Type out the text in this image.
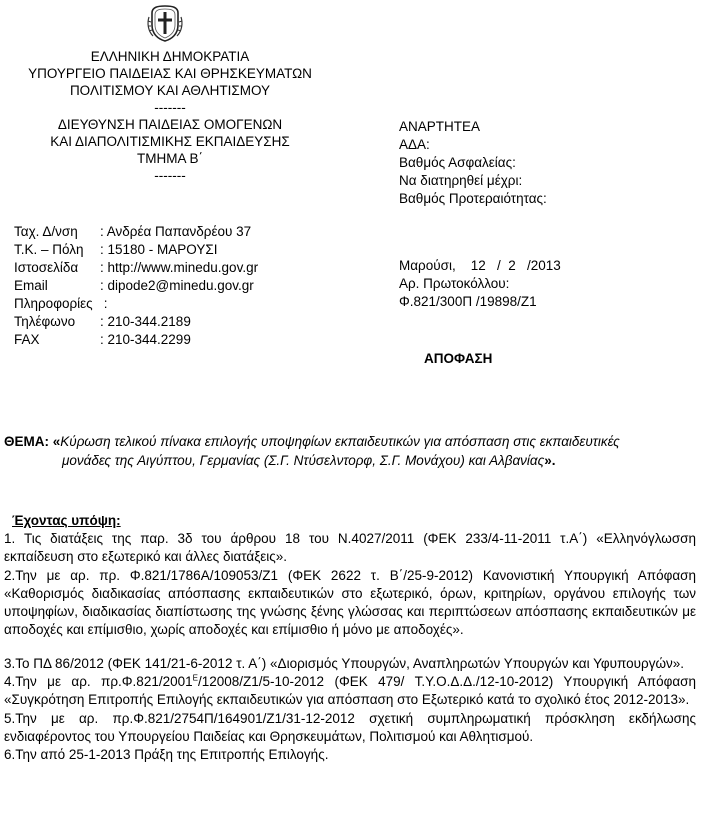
ΕΛΛΗΝΙΚΗ ΔΗΜΟΚΡΑΤΙΑ
ΥΠΟΥΡΓΕΙΟ ΠΑΙΔΕΙΑΣ ΚΑΙ ΘΡΗΣΚΕΥΜΑΤΩΝ
ΠΟΛΙΤΙΣΜΟΥ ΚΑΙ ΑΘΛΗΤΙΣΜΟΥ
-------
ΔΙΕΥΘΥΝΣΗ ΠΑΙΔΕΙΑΣ ΟΜΟΓΕΝΩΝ
ΚΑΙ ΔΙΑΠΟΛΙΤΙΣΜΙΚΗΣ ΕΚΠΑΙΔΕΥΣΗΣ
ΤΜΗΜΑ Β΄
-------
Ταχ. Δ/νση : Ανδρέα Παπανδρέου 37
Τ.Κ. – Πόλη : 15180 - ΜΑΡΟΥΣΙ
Ιστοσελίδα : http://www.minedu.gov.gr
Email	: dipode2@minedu.gov.gr
Πληροφορίες :
Τηλέφωνο : 210-344.2189
FAX	: 210-344.2299
ΑΝΑΡΤΗΤΕΑ
ΑΔΑ:
Βαθμός Ασφαλείας:
Να διατηρηθεί μέχρι:
Βαθμός Προτεραιότητας:
Μαρούσι,    12   /  2   /2013
Αρ. Πρωτοκόλλου:
Φ.821/300Π /19898/Ζ1
ΑΠΟΦΑΣΗ
ΘΕΜΑ: «Κύρωση τελικού πίνακα επιλογής υποψηφίων εκπαιδευτικών για απόσπαση στις εκπαιδευτικές
μονάδες της Αιγύπτου, Γερμανίας (Σ.Γ. Ντύσελντορφ, Σ.Γ. Μονάχου) και Αλβανίας».
Έχοντας υπόψη:

1. Τις διατάξεις της παρ. 3δ του άρθρου 18 του Ν.4027/2011 (ΦΕΚ 233/4-11-2011 τ.Α΄) «Ελληνόγλωσση εκπαίδευση στο εξωτερικό και άλλες διατάξεις».

2.Την με αρ. πρ. Φ.821/1786Α/109053/Ζ1 (ΦΕΚ 2622 τ. Β΄/25-9-2012) Κανονιστική Υπουργική Απόφαση «Καθορισμός διαδικασίας απόσπασης εκπαιδευτικών στο εξωτερικό, όρων, κριτηρίων, οργάνου επιλογής των υποψηφίων, διαδικασίας διαπίστωσης της γνώσης ξένης γλώσσας και περιπτώσεων απόσπασης εκπαιδευτικών με αποδοχές και επίμισθιο, χωρίς αποδοχές και επίμισθιο ή μόνο με αποδοχές».

3.Το ΠΔ 86/2012 (ΦΕΚ 141/21-6-2012 τ. Α΄) «Διορισμός Υπουργών, Αναπληρωτών Υπουργών και Υφυπουργών».

4.Την με αρ. $\pi\rho.\Phi.821/2001^E/12008/Z1/5-10-2012$ (ΦΕΚ 479/ Τ.Υ.Ο.Δ.Δ./12-10-2012) Υπουργική Απόφαση «Συγκρότηση Επιτροπής Επιλογής εκπαιδευτικών για απόσπαση στο Εξωτερικό κατά το σχολικό έτος 2012-2013».

5.Την με αρ. πρ.Φ.821/2754Π/164901/Ζ1/31-12-2012 σχετική συμπληρωματική πρόσκληση εκδήλωσης ενδιαφέροντος του Υπουργείου Παιδείας και Θρησκευμάτων, Πολιτισμού και Αθλητισμού.

6.Την από 25-1-2013 Πράξη της Επιτροπής Επιλογής.
